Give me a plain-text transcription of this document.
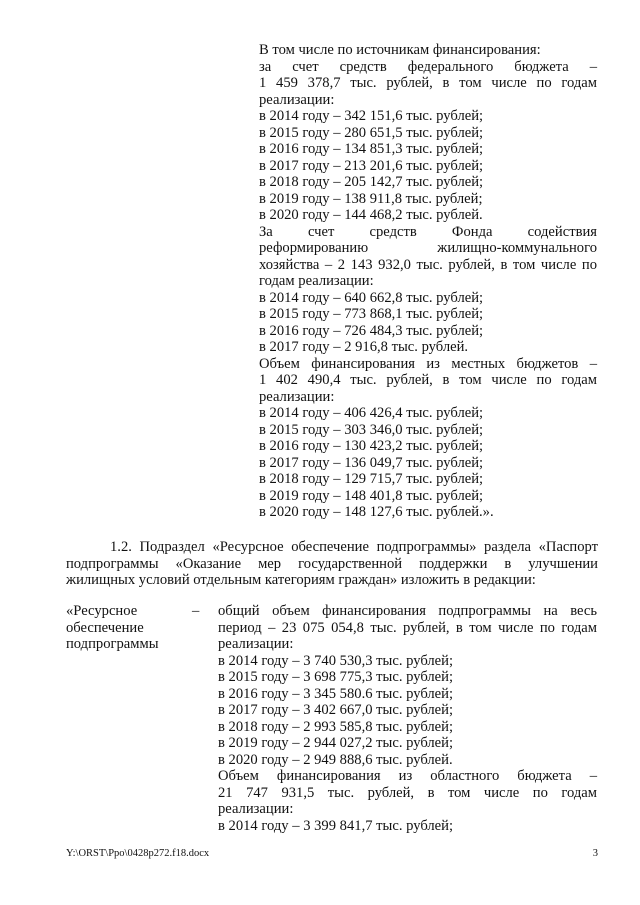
В том числе по источникам финансирования:
за счет средств федерального бюджета –
1 459 378,7 тыс. рублей, в том числе по годам
реализации:
в 2014 году – 342 151,6 тыс. рублей;
в 2015 году – 280 651,5 тыс. рублей;
в 2016 году – 134 851,3 тыс. рублей;
в 2017 году – 213 201,6 тыс. рублей;
в 2018 году – 205 142,7 тыс. рублей;
в 2019 году – 138 911,8 тыс. рублей;
в 2020 году – 144 468,2 тыс. рублей.
За счет средств Фонда содействия
реформированию жилищно-коммунального
хозяйства – 2 143 932,0 тыс. рублей, в том числе по
годам реализации:
в 2014 году – 640 662,8 тыс. рублей;
в 2015 году – 773 868,1 тыс. рублей;
в 2016 году – 726 484,3 тыс. рублей;
в 2017 году – 2 916,8 тыс. рублей.
Объем финансирования из местных бюджетов –
1 402 490,4 тыс. рублей, в том числе по годам
реализации:
в 2014 году – 406 426,4 тыс. рублей;
в 2015 году – 303 346,0 тыс. рублей;
в 2016 году – 130 423,2 тыс. рублей;
в 2017 году – 136 049,7 тыс. рублей;
в 2018 году – 129 715,7 тыс. рублей;
в 2019 году – 148 401,8 тыс. рублей;
в 2020 году – 148 127,6 тыс. рублей.».
1.2. Подраздел «Ресурсное обеспечение подпрограммы» раздела «Паспорт
подпрограммы «Оказание мер государственной поддержки в улучшении
жилищных условий отдельным категориям граждан» изложить в редакции:
«Ресурсное
обеспечение
подпрограммы
– общий объем финансирования подпрограммы на весь
период – 23 075 054,8 тыс. рублей, в том числе по годам
реализации:
в 2014 году – 3 740 530,3 тыс. рублей;
в 2015 году – 3 698 775,3 тыс. рублей;
в 2016 году – 3 345 580.6 тыс. рублей;
в 2017 году – 3 402 667,0 тыс. рублей;
в 2018 году – 2 993 585,8 тыс. рублей;
в 2019 году – 2 944 027,2 тыс. рублей;
в 2020 году – 2 949 888,6 тыс. рублей.
Объем финансирования из областного бюджета –
21 747 931,5 тыс. рублей, в том числе по годам
реализации:
в 2014 году – 3 399 841,7 тыс. рублей;
Y:\ORST\Ppo\0428p272.f18.docx	3
